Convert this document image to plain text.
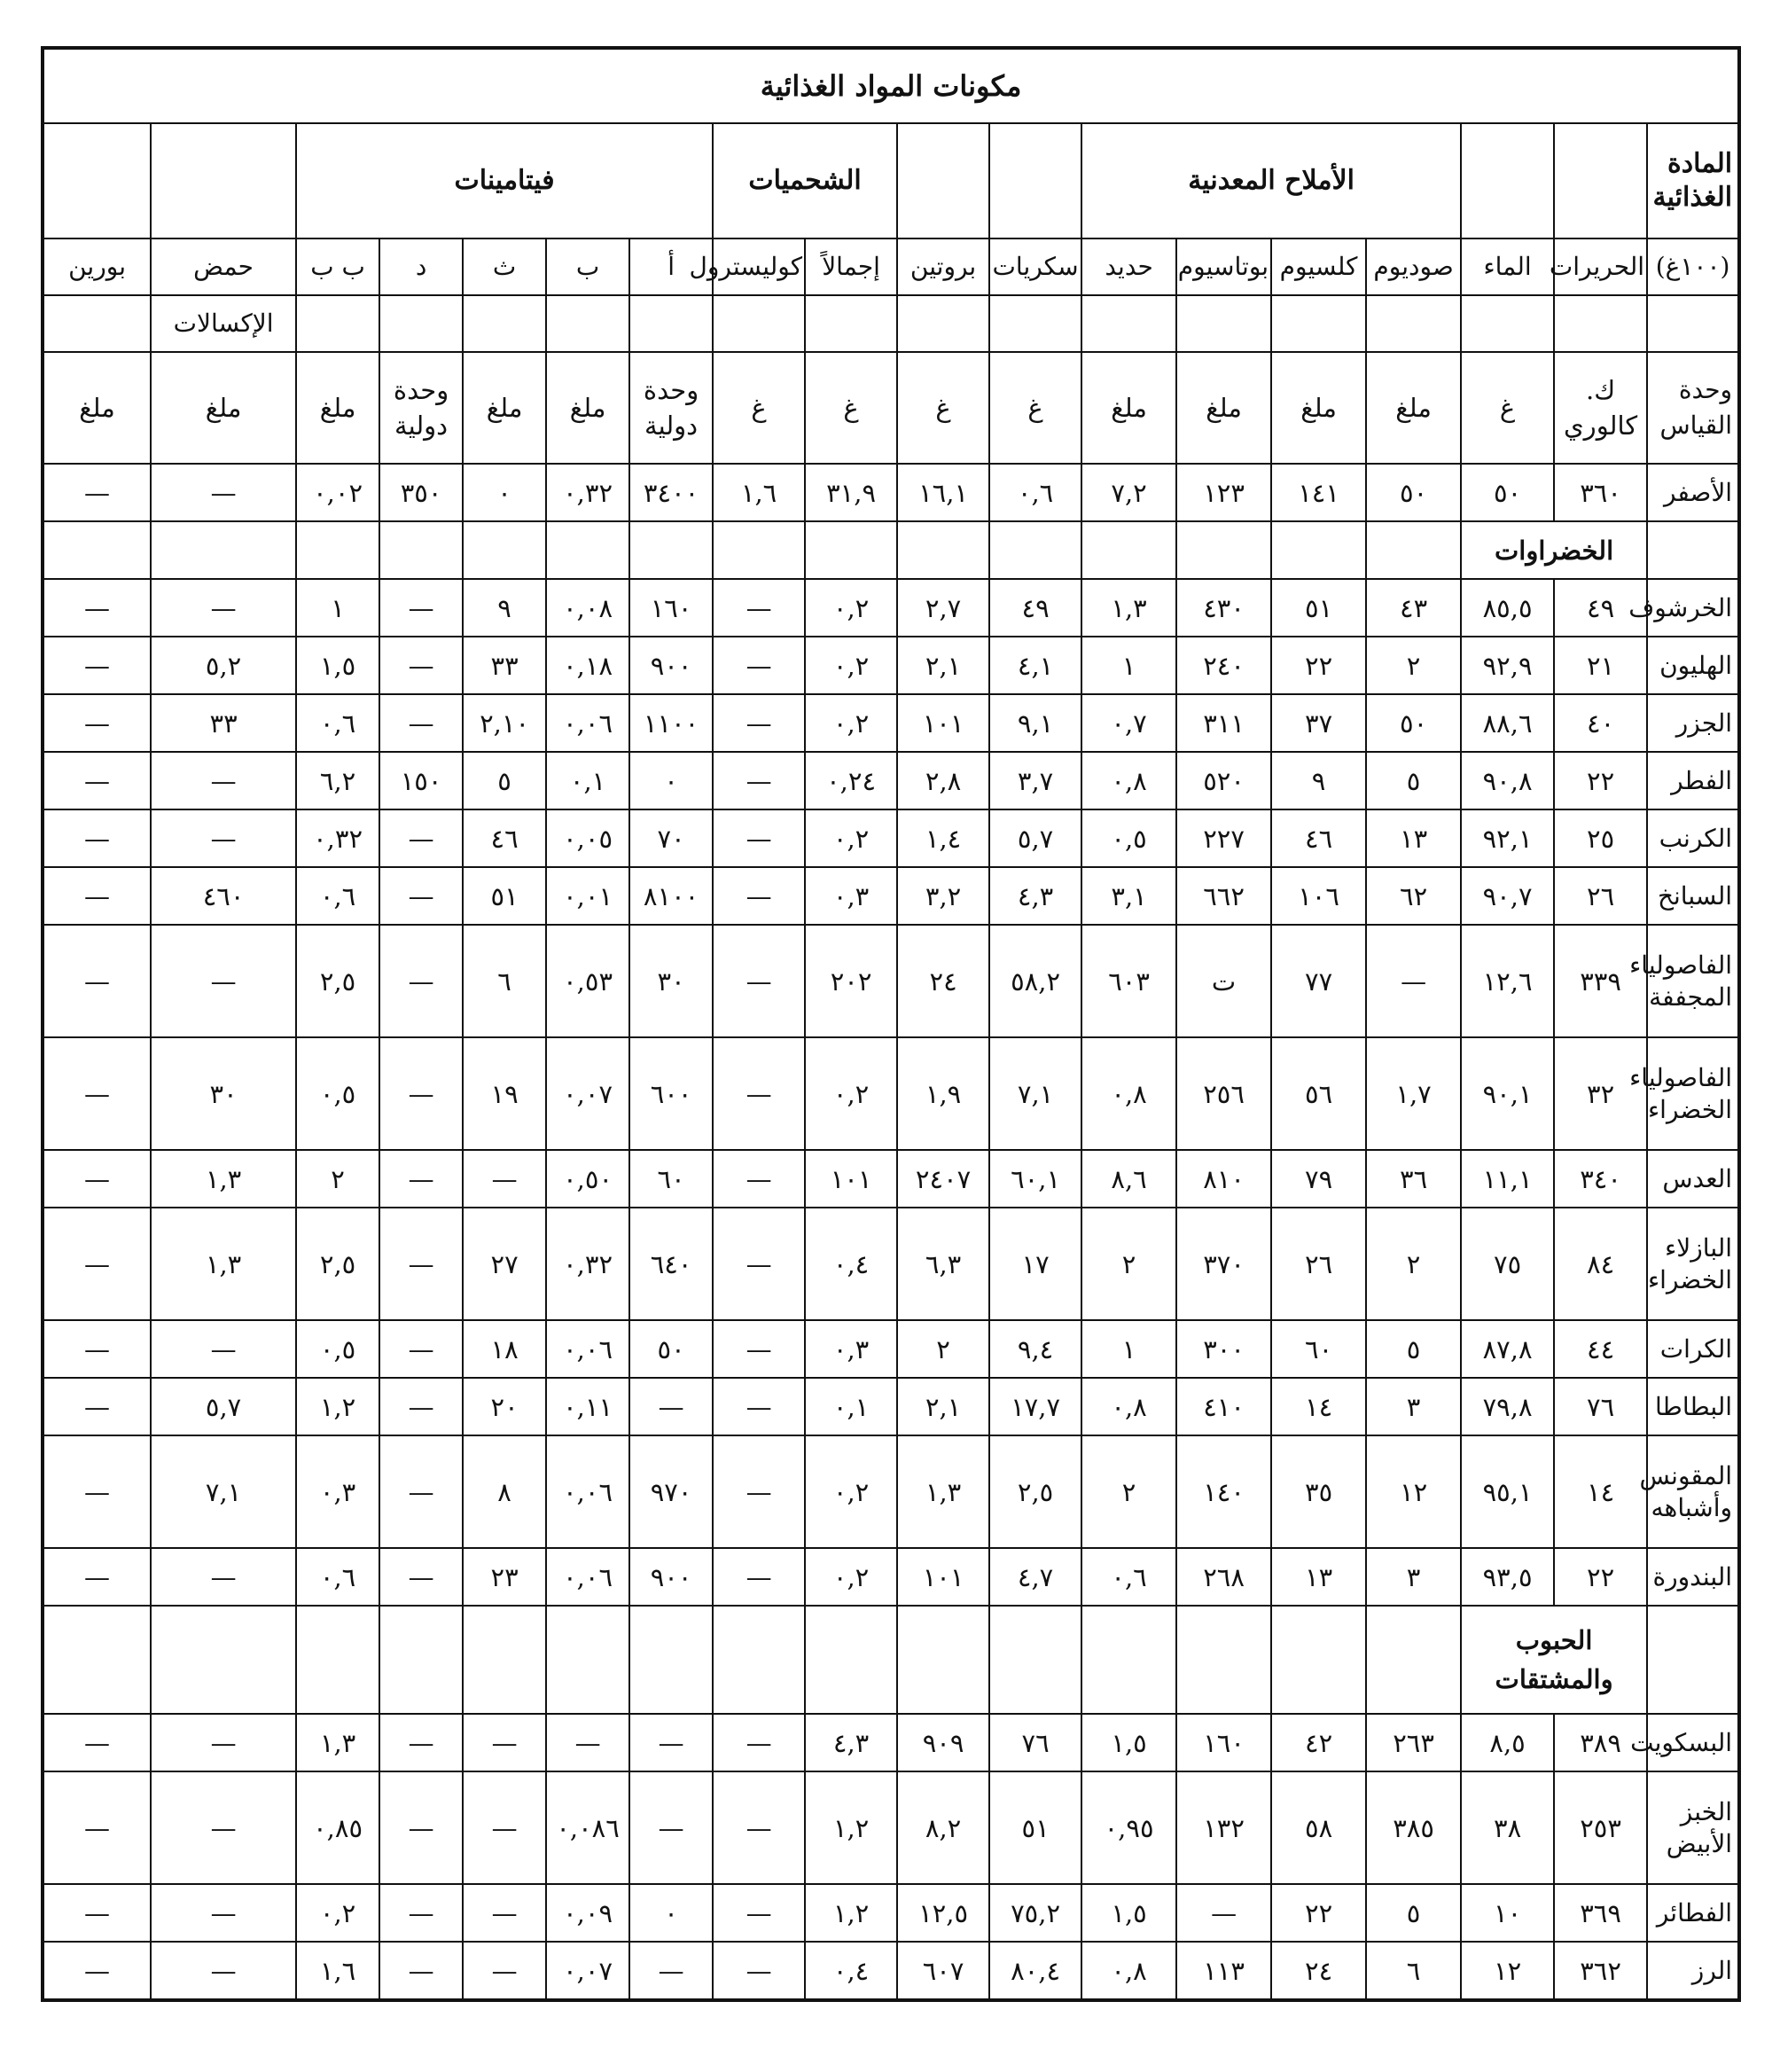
مكونات المواد الغذائية																	
المادة الغذائية			الأملاح المعدنية						الشحميات		فيتامينات						
(١٠٠غ)	الحريرات	الماء	صوديوم	كلسيوم	بوتاسيوم	حديد	سكريات	بروتين	إجمالاً	كوليسترول	أ	ب	ث	د	ب ب	حمض	بورين
																الإكسالات	
وحدة القياس	ك. كالوري	غ	ملغ	ملغ	ملغ	ملغ	غ	غ	غ	غ	وحدة دولية	ملغ	ملغ	وحدة دولية	ملغ	ملغ	ملغ
الأصفر	٣٦٠	٥٠	٥٠	١٤١	١٢٣	٧,٢	٠,٦	١٦,١	٣١,٩	١,٦	٣٤٠٠	٠,٣٢	٠	٣٥٠	٠,٠٢	—	—
	الخضراوات																
الخرشوف	٤٩	٨٥,٥	٤٣	٥١	٤٣٠	١,٣	٤٩	٢,٧	٠,٢	—	١٦٠	٠,٠٨	٩	—	١	—	—
الهليون	٢١	٩٢,٩	٢	٢٢	٢٤٠	١	٤,١	٢,١	٠,٢	—	٩٠٠	٠,١٨	٣٣	—	١,٥	٥,٢	—
الجزر	٤٠	٨٨,٦	٥٠	٣٧	٣١١	٠,٧	٩,١	١٠١	٠,٢	—	١١٠٠	٠,٠٦	٢,١٠	—	٠,٦	٣٣	—
الفطر	٢٢	٩٠,٨	٥	٩	٥٢٠	٠,٨	٣,٧	٢,٨	٠,٢٤	—	٠	٠,١	٥	١٥٠	٦,٢	—	—
الكرنب	٢٥	٩٢,١	١٣	٤٦	٢٢٧	٠,٥	٥,٧	١,٤	٠,٢	—	٧٠	٠,٠٥	٤٦	—	٠,٣٢	—	—
السبانخ	٢٦	٩٠,٧	٦٢	١٠٦	٦٦٢	٣,١	٤,٣	٣,٢	٠,٣	—	٨١٠٠	٠,٠١	٥١	—	٠,٦	٤٦٠	—
الفاصولياء المجففة	٣٣٩	١٢,٦	—	٧٧	ت	٦٠٣	٥٨,٢	٢٤	٢٠٢	—	٣٠	٠,٥٣	٦	—	٢,٥	—	—
الفاصولياء الخضراء	٣٢	٩٠,١	١,٧	٥٦	٢٥٦	٠,٨	٧,١	١,٩	٠,٢	—	٦٠٠	٠,٠٧	١٩	—	٠,٥	٣٠	—
العدس	٣٤٠	١١,١	٣٦	٧٩	٨١٠	٨,٦	٦٠,١	٢٤٠٧	١٠١	—	٦٠	٠,٥٠	—	—	٢	١,٣	—
البازلاء الخضراء	٨٤	٧٥	٢	٢٦	٣٧٠	٢	١٧	٦,٣	٠,٤	—	٦٤٠	٠,٣٢	٢٧	—	٢,٥	١,٣	—
الكرات	٤٤	٨٧,٨	٥	٦٠	٣٠٠	١	٩,٤	٢	٠,٣	—	٥٠	٠,٠٦	١٨	—	٠,٥	—	—
البطاطا	٧٦	٧٩,٨	٣	١٤	٤١٠	٠,٨	١٧,٧	٢,١	٠,١	—	—	٠,١١	٢٠	—	١,٢	٥,٧	—
المقونس وأشباهه	١٤	٩٥,١	١٢	٣٥	١٤٠	٢	٢,٥	١,٣	٠,٢	—	٩٧٠	٠,٠٦	٨	—	٠,٣	٧,١	—
البندورة	٢٢	٩٣,٥	٣	١٣	٢٦٨	٠,٦	٤,٧	١٠١	٠,٢	—	٩٠٠	٠,٠٦	٢٣	—	٠,٦	—	—
	الحبوب والمشتقات																
البسكويت	٣٨٩	٨,٥	٢٦٣	٤٢	١٦٠	١,٥	٧٦	٩٠٩	٤,٣	—	—	—	—	—	١,٣	—	—
الخبز الأبيض	٢٥٣	٣٨	٣٨٥	٥٨	١٣٢	٠,٩٥	٥١	٨,٢	١,٢	—	—	٠,٠٨٦	—	—	٠,٨٥	—	—
الفطائر	٣٦٩	١٠	٥	٢٢	—	١,٥	٧٥,٢	١٢,٥	١,٢	—	٠	٠,٠٩	—	—	٠,٢	—	—
الرز	٣٦٢	١٢	٦	٢٤	١١٣	٠,٨	٨٠,٤	٦٠٧	٠,٤	—	—	٠,٠٧	—	—	١,٦	—	—
